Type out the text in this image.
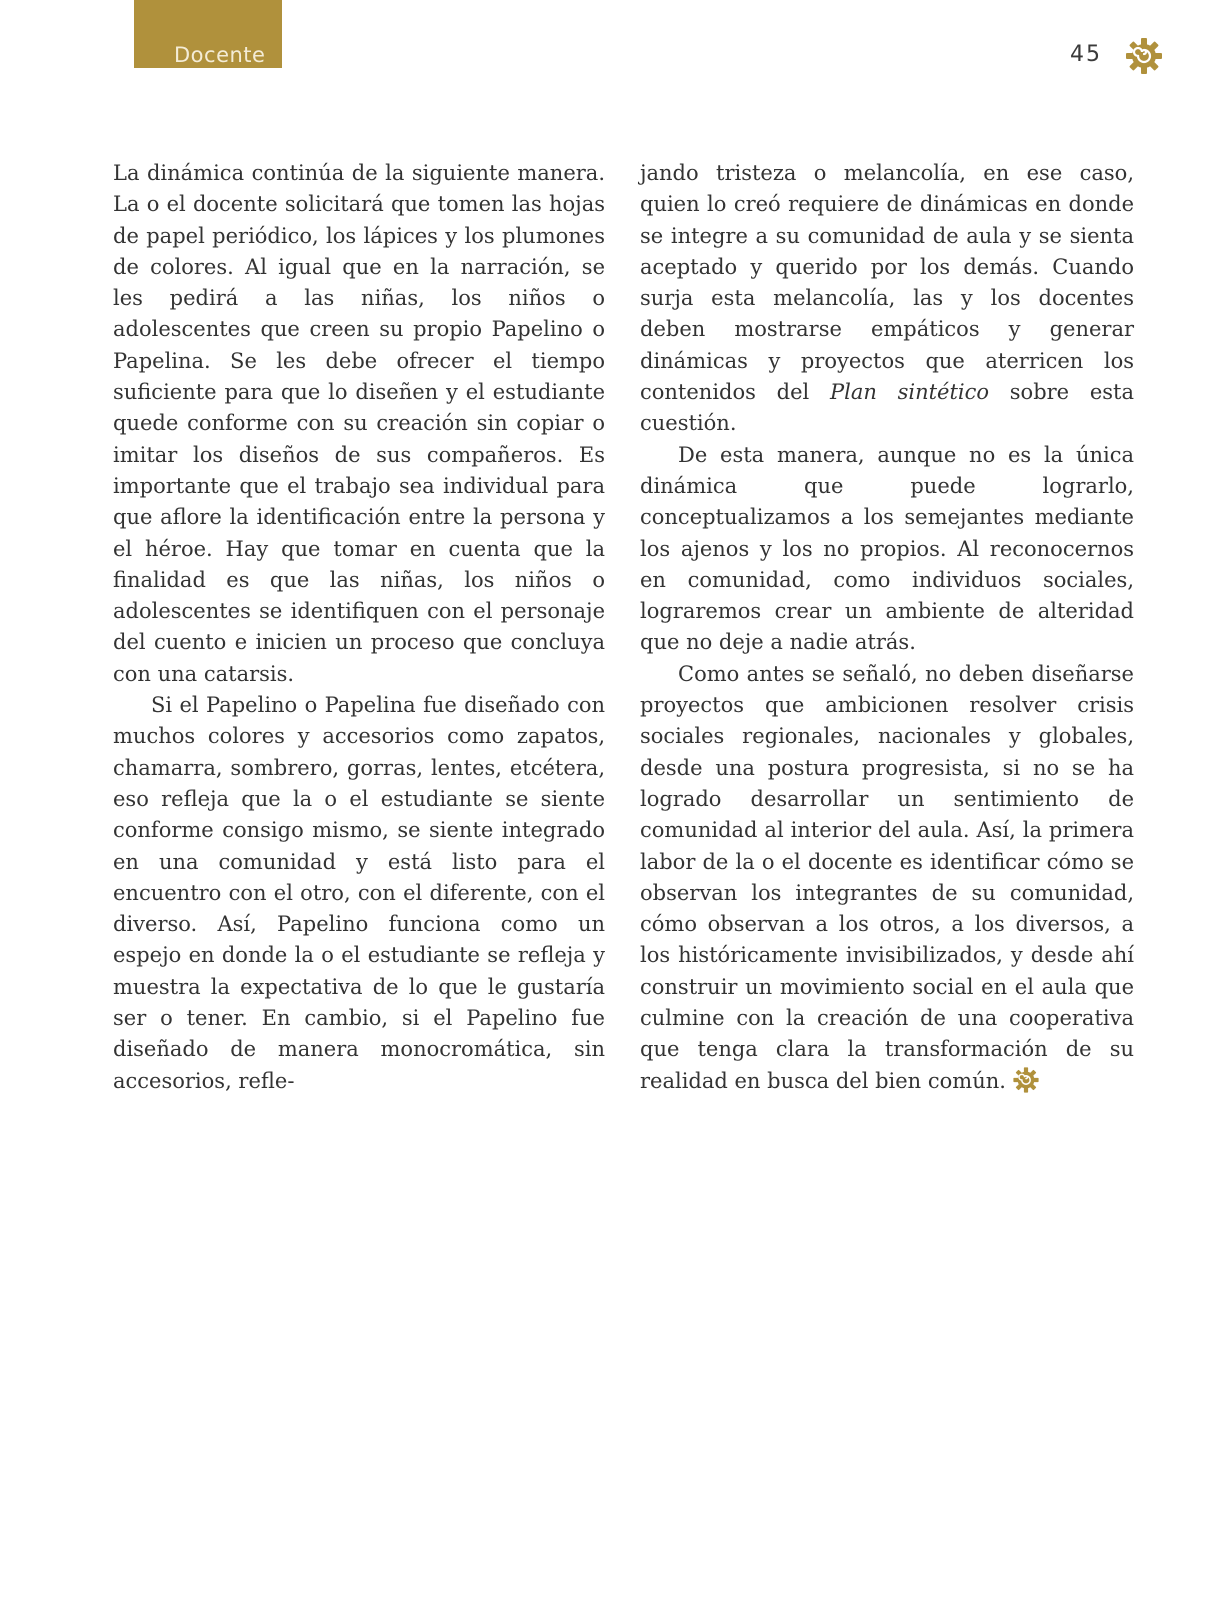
Docente	45

La dinámica continúa de la siguiente manera. La o el docente solicitará que tomen las hojas de papel periódico, los lápices y los plumones de colores. Al igual que en la narración, se les pedirá a las niñas, los niños o adolescentes que creen su propio Papelino o Papelina. Se les debe ofrecer el tiempo suficiente para que lo diseñen y el estudiante quede conforme con su creación sin copiar o imitar los diseños de sus compañeros. Es importante que el trabajo sea individual para que aflore la identificación entre la persona y el héroe. Hay que tomar en cuenta que la finalidad es que las niñas, los niños o adolescentes se identifiquen con el personaje del cuento e inicien un proceso que concluya con una catarsis.

Si el Papelino o Papelina fue diseñado con muchos colores y accesorios como zapatos, chamarra, sombrero, gorras, lentes, etcétera, eso refleja que la o el estudiante se siente conforme consigo mismo, se siente integrado en una comunidad y está listo para el encuentro con el otro, con el diferente, con el diverso. Así, Papelino funciona como un espejo en donde la o el estudiante se refleja y muestra la expectativa de lo que le gustaría ser o tener. En cambio, si el Papelino fue diseñado de manera monocromática, sin accesorios, refle-

jando tristeza o melancolía, en ese caso, quien lo creó requiere de dinámicas en donde se integre a su comunidad de aula y se sienta aceptado y querido por los demás. Cuando surja esta melancolía, las y los docentes deben mostrarse empáticos y generar dinámicas y proyectos que aterricen los contenidos del Plan sintético sobre esta cuestión.

De esta manera, aunque no es la única dinámica que puede lograrlo, conceptualizamos a los semejantes mediante los ajenos y los no propios. Al reconocernos en comunidad, como individuos sociales, lograremos crear un ambiente de alteridad que no deje a nadie atrás.

Como antes se señaló, no deben diseñarse proyectos que ambicionen resolver crisis sociales regionales, nacionales y globales, desde una postura progresista, si no se ha logrado desarrollar un sentimiento de comunidad al interior del aula. Así, la primera labor de la o el docente es identificar cómo se observan los integrantes de su comunidad, cómo observan a los otros, a los diversos, a los históricamente invisibilizados, y desde ahí construir un movimiento social en el aula que culmine con la creación de una cooperativa que tenga clara la transformación de su realidad en busca del bien común.
